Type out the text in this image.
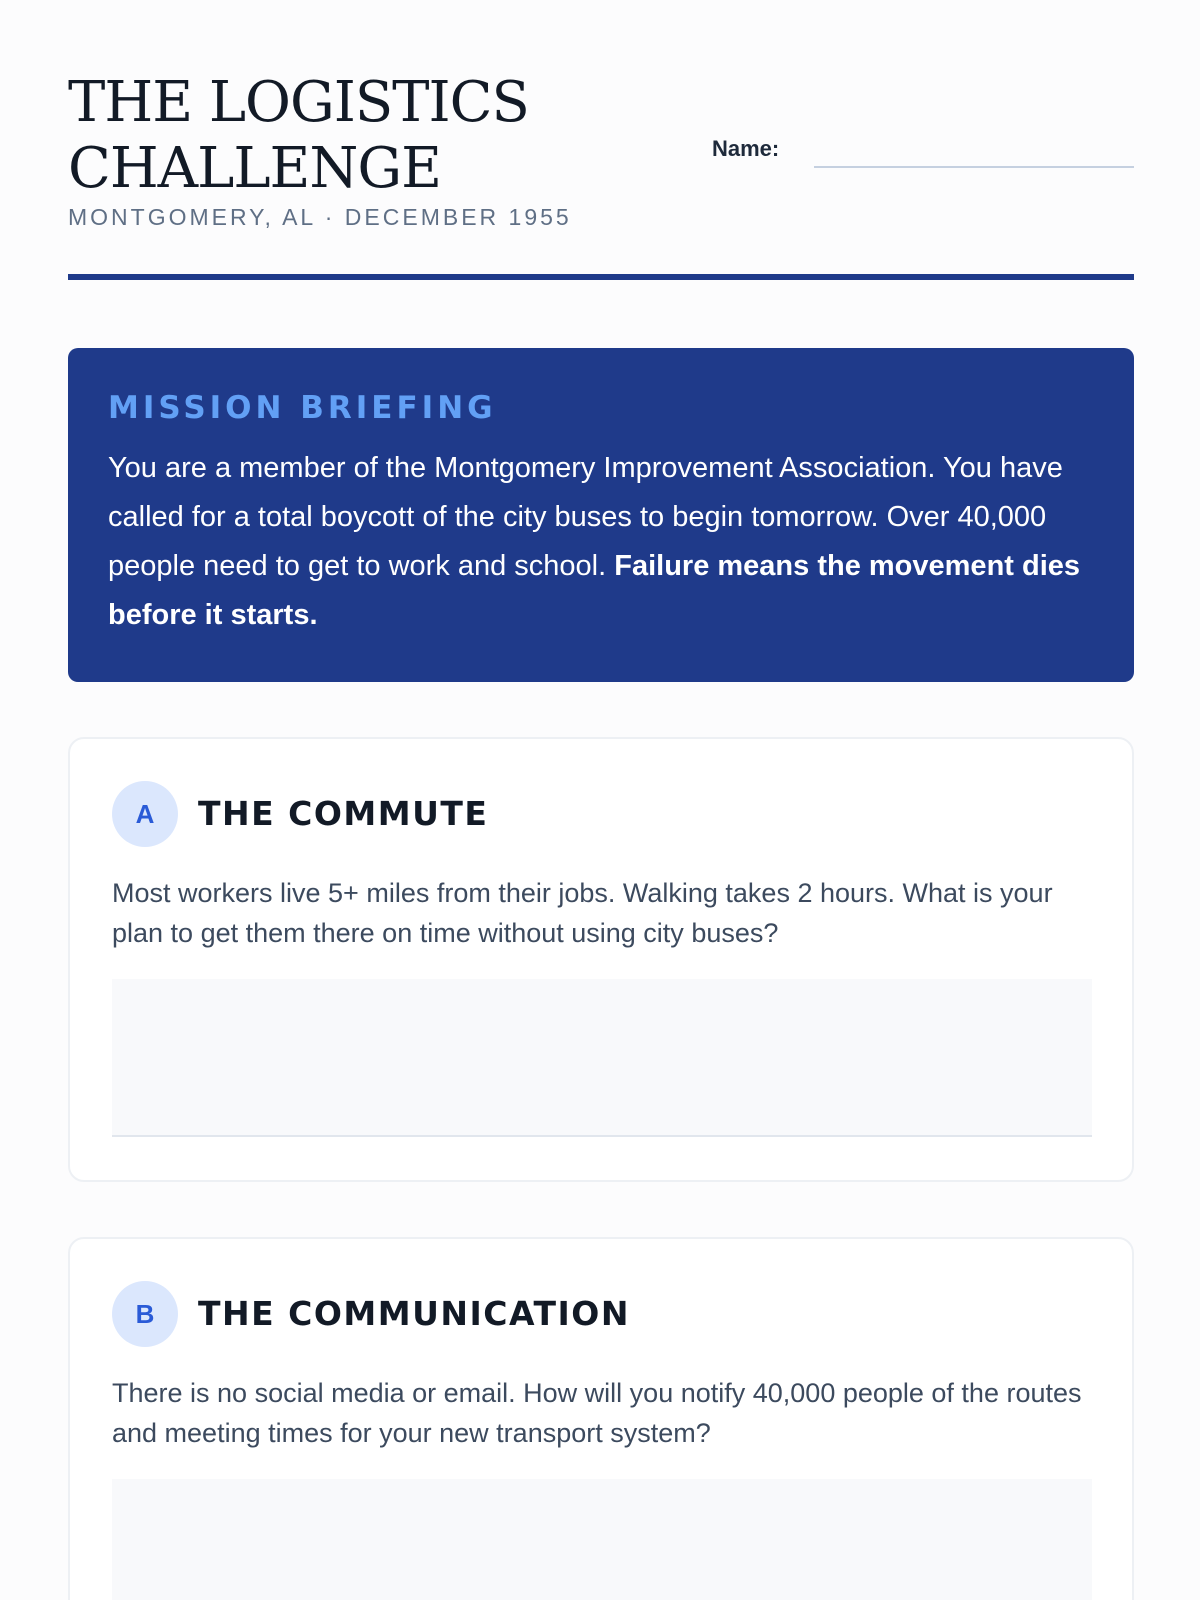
THE LOGISTICS CHALLENGE
MONTGOMERY, AL · DECEMBER 1955
Name:
MISSION BRIEFING

You are a member of the Montgomery Improvement Association. You have called for a total boycott of the city buses to begin tomorrow. Over 40,000 people need to get to work and school. Failure means the movement dies before it starts.

A	THE COMMUTE

Most workers live 5+ miles from their jobs. Walking takes 2 hours. What is your plan to get them there on time without using city buses?

B	THE COMMUNICATION

There is no social media or email. How will you notify 40,000 people of the routes and meeting times for your new transport system?
